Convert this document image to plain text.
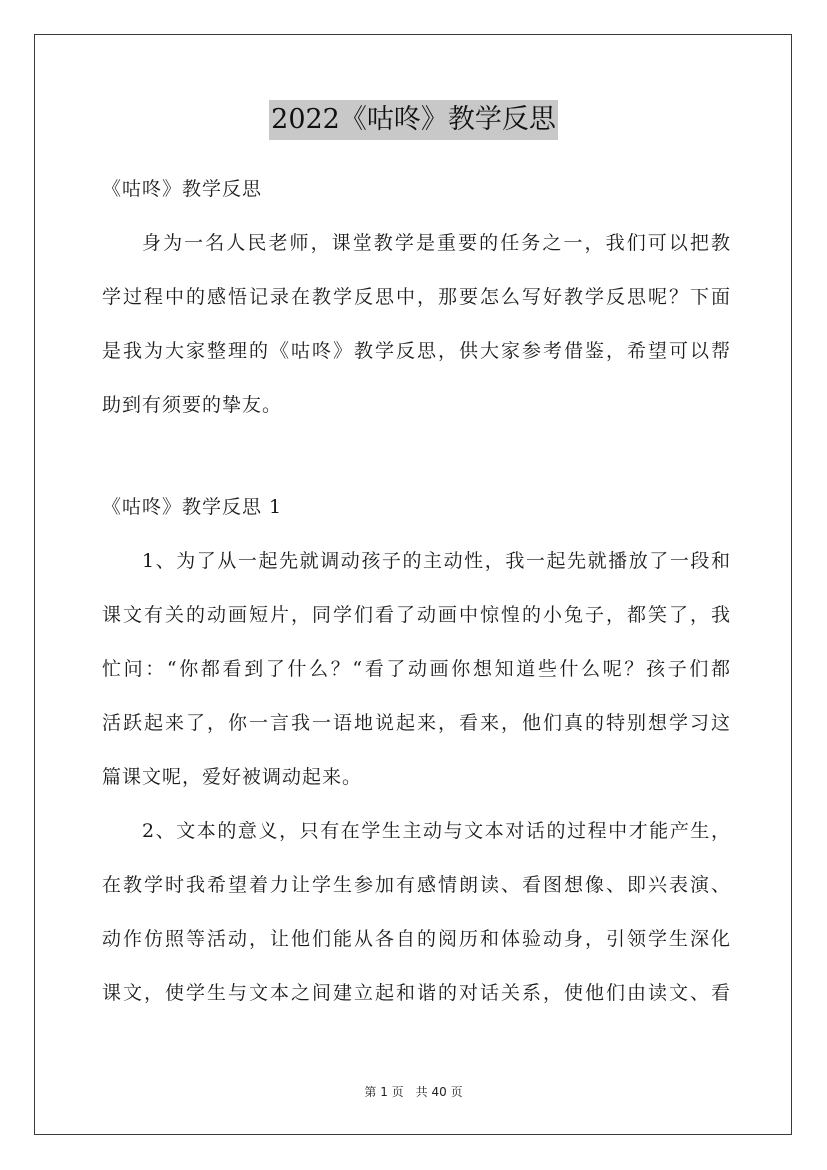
2022《咕咚》教学反思
《咕咚》教学反思
身为一名人民老师，课堂教学是重要的任务之一，我们可以把教
学过程中的感悟记录在教学反思中，那要怎么写好教学反思呢？下面
是我为大家整理的《咕咚》教学反思，供大家参考借鉴，希望可以帮
助到有须要的挚友。
《咕咚》教学反思 1
1、为了从一起先就调动孩子的主动性，我一起先就播放了一段和
课文有关的动画短片，同学们看了动画中惊惶的小兔子，都笑了，我
忙问：“你都看到了什么？“看了动画你想知道些什么呢？孩子们都
活跃起来了，你一言我一语地说起来，看来，他们真的特别想学习这
篇课文呢，爱好被调动起来。
2、文本的意义，只有在学生主动与文本对话的过程中才能产生，
在教学时我希望着力让学生参加有感情朗读、看图想像、即兴表演、
动作仿照等活动，让他们能从各自的阅历和体验动身，引领学生深化
课文，使学生与文本之间建立起和谐的对话关系，使他们由读文、看
第 1 页　共 40 页
